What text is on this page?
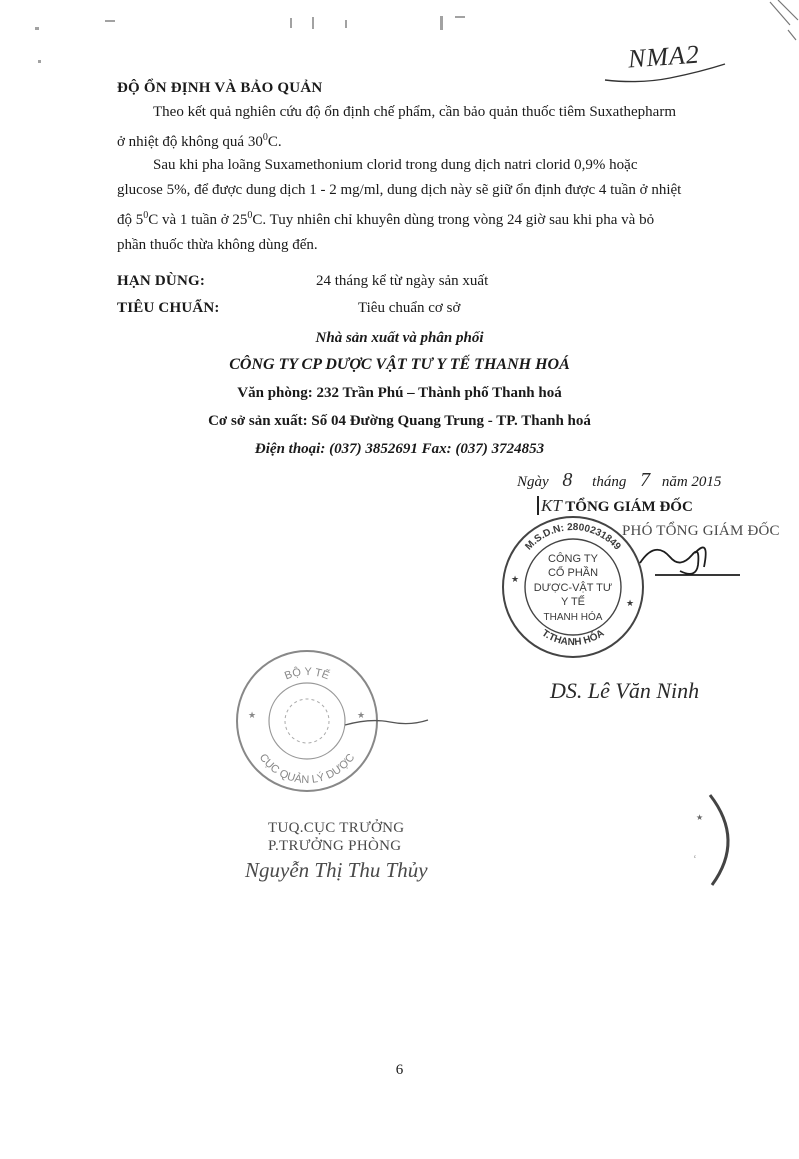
NMA2
ĐỘ ỔN ĐỊNH VÀ BẢO QUẢN
Theo kết quả nghiên cứu độ ổn định chế phẩm, cần bảo quản thuốc tiêm Suxathepharm
ở nhiệt độ không quá $30^0C$.
Sau khi pha loãng Suxamethonium clorid trong dung dịch natri clorid 0,9% hoặc
glucose 5%, để được dung dịch 1 - 2 mg/ml, dung dịch này sẽ giữ ổn định được 4 tuần ở nhiệt
độ $5^0C$ và 1 tuần ở $25^0C$. Tuy nhiên chỉ khuyên dùng trong vòng 24 giờ sau khi pha và bỏ
phần thuốc thừa không dùng đến.
HẠN DÙNG:	24 tháng kể từ ngày sản xuất
TIÊU CHUẨN:	Tiêu chuẩn cơ sở
Nhà sản xuất và phân phối
CÔNG TY CP DƯỢC VẬT TƯ Y TẾ THANH HOÁ
Văn phòng: 232 Trần Phú – Thành phố Thanh hoá
Cơ sở sản xuất: Số 04 Đường Quang Trung - TP. Thanh hoá
Điện thoại: (037) 3852691 Fax: (037) 3724853
Ngày 8 tháng 7 năm 2015
KT TỔNG GIÁM ĐỐC
M.S.D.N: 2800231849
T.THANH HÓA
★
★
CÔNG TY
CỔ PHẦN
DƯỢC-VẬT TƯ
Y TẾ
THANH HÓA
PHÓ TỔNG GIÁM ĐỐC
DS. Lê Văn Ninh
BỘ Y TẾ
CỤC QUẢN LÝ DƯỢC
★	★
TUQ.CỤC TRƯỞNG
P.TRƯỞNG PHÒNG
Nguyễn Thị Thu Thủy
★
ᶜ
6
